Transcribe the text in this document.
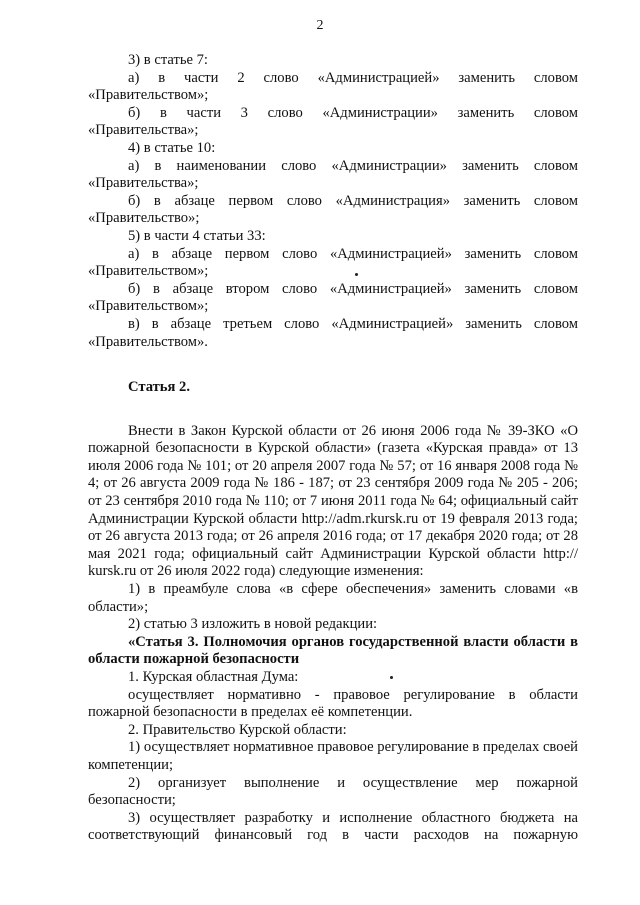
2

3) в статье 7:

а) в части 2 слово «Администрацией» заменить словом «Правительством»;

б) в части 3 слово «Администрации» заменить словом «Правительства»;

4) в статье 10:

а) в наименовании слово «Администрации» заменить словом «Правительства»;

б) в абзаце первом слово «Администрация» заменить словом «Правительство»;

5) в части 4 статьи 33:

а) в абзаце первом слово «Администрацией» заменить словом «Правительством»;

б) в абзаце втором слово «Администрацией» заменить словом «Правительством»;

в) в абзаце третьем слово «Администрацией» заменить словом «Правительством».

Статья 2.

Внести в Закон Курской области от 26 июня 2006 года № 39-ЗКО «О пожарной безопасности в Курской области» (газета «Курская правда» от 13 июля 2006 года № 101; от 20 апреля 2007 года № 57; от 16 января 2008 года № 4; от 26 августа 2009 года № 186 - 187; от 23 сентября 2009 года № 205 - 206; от 23 сентября 2010 года № 110; от 7 июня 2011 года № 64; официальный сайт Администрации Курской области http://adm.rkursk.ru от 19 февраля 2013 года; от 26 августа 2013 года; от 26 апреля 2016 года; от 17 декабря 2020 года; от 28 мая 2021 года; официальный сайт Администрации Курской области http:// kursk.ru от 26 июля 2022 года) следующие изменения:

1) в преамбуле слова «в сфере обеспечения» заменить словами «в области»;

2) статью 3 изложить в новой редакции:

«Статья 3. Полномочия органов государственной власти области в области пожарной безопасности

1. Курская областная Дума:

осуществляет нормативно - правовое регулирование в области пожарной безопасности в пределах её компетенции.

2. Правительство Курской области:

1) осуществляет нормативное правовое регулирование в пределах своей компетенции;

2) организует выполнение и осуществление мер пожарной безопасности;

3) осуществляет разработку и исполнение областного бюджета на соответствующий финансовый год в части расходов на пожарную
